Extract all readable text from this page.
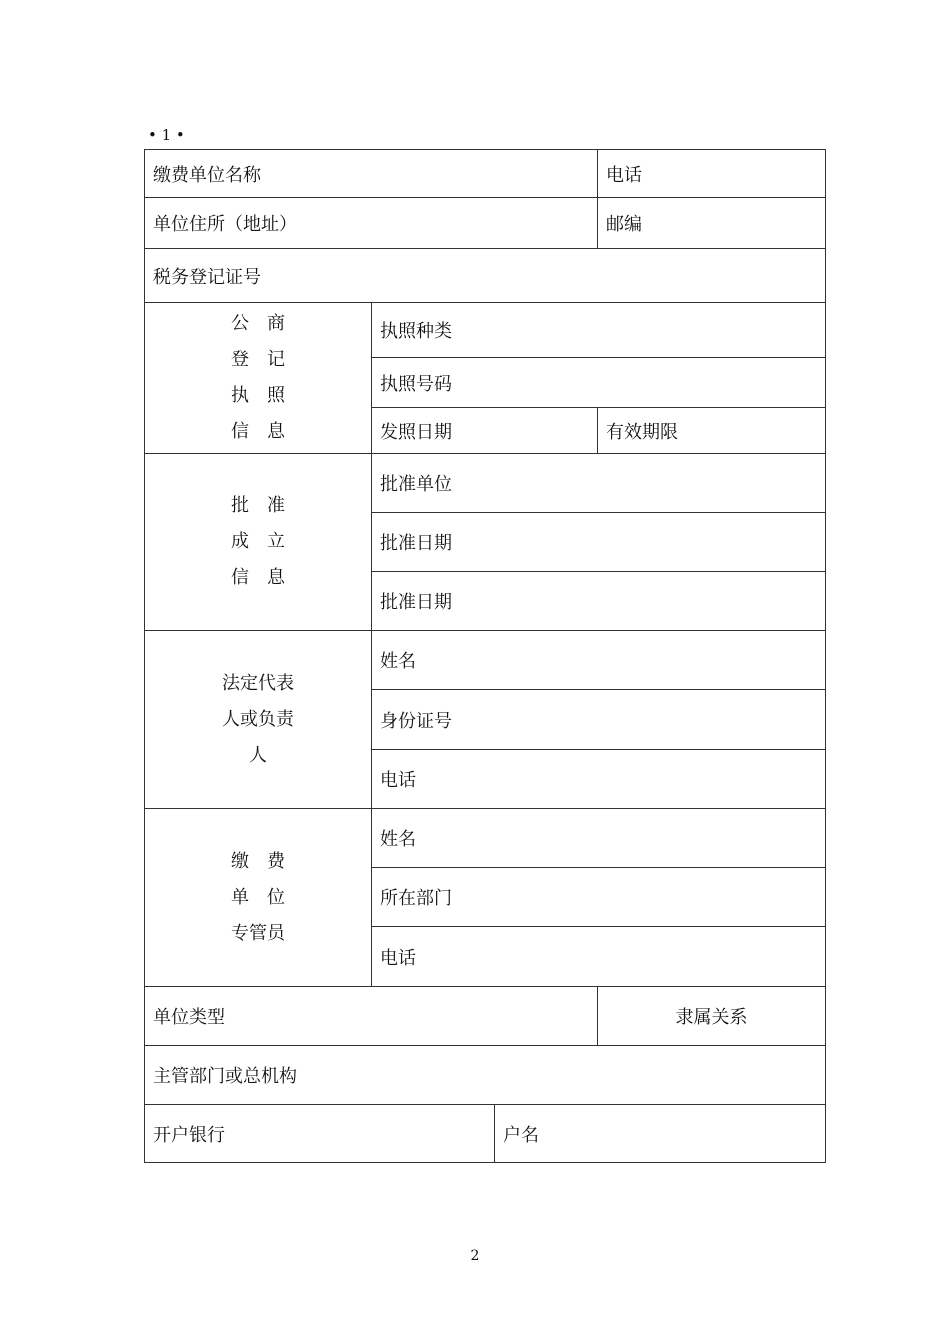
• 1 •
缴费单位名称			电话
单位住所（地址）			邮编
税务登记证号			

公　商
登　记
执　照
信　息	执照种类		
	执照号码		
	发照日期		有效期限

批　准
成　立
信　息	批准单位		
	批准日期		
	批准日期		

法定代表
人或负责
人	姓名		
	身份证号		
	电话		

缴　费
单　位
专管员	姓名		
	所在部门		
	电话		
单位类型			隶属关系
主管部门或总机构			
开户银行		户名	
2
